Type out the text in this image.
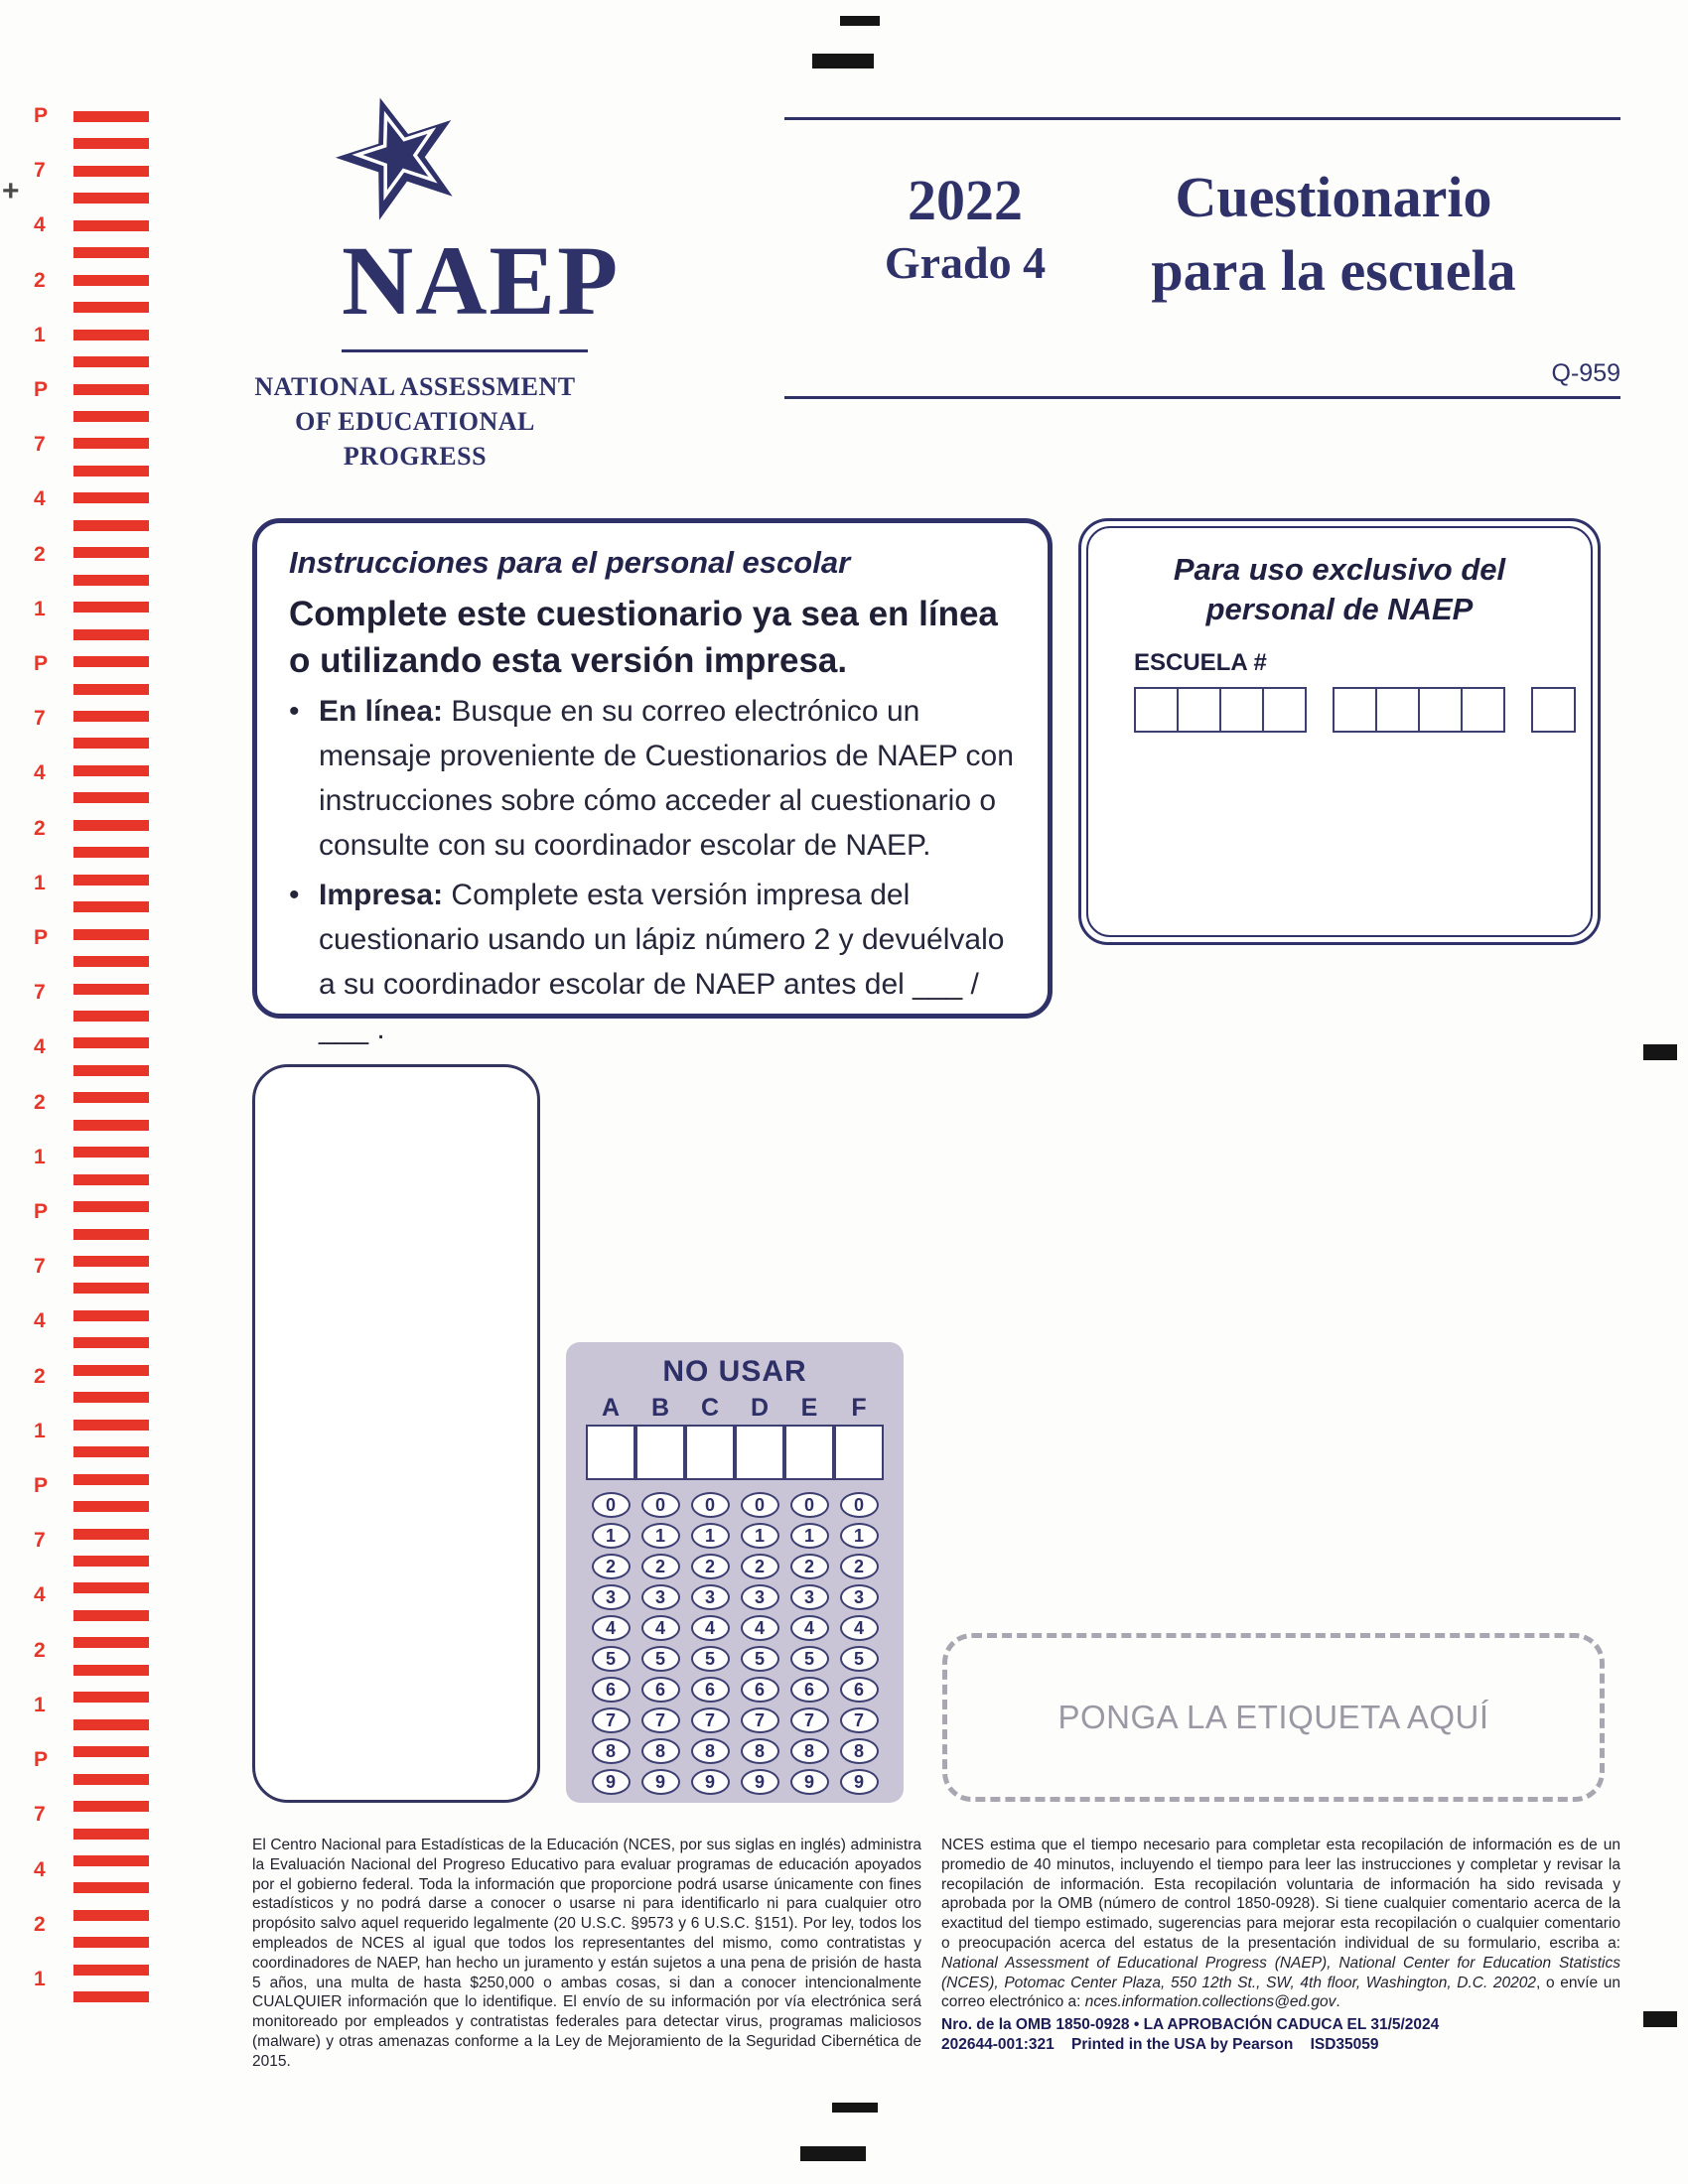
+
P
7
4
2
1
P
7
4
2
1
P
7
4
2
1
P
7
4
2
1
P
7
4
2
1
P
7
4
2
1
P
7
4
2
1
NAEP
NATIONAL ASSESSMENT
OF EDUCATIONAL
PROGRESS
2022
Grado 4
Cuestionario
para la escuela
Q-959
Instrucciones para el personal escolar
Complete este cuestionario ya sea en línea o utilizando esta versión impresa.
• En línea: Busque en su correo electrónico un mensaje proveniente de Cuestionarios de NAEP con instrucciones sobre cómo acceder al cuestionario o consulte con su coordinador escolar de NAEP.
• Impresa: Complete esta versión impresa del cuestionario usando un lápiz número 2 y devuélvalo a su coordinador escolar de NAEP antes del ___ / ___ .
Para uso exclusivo del
personal de NAEP
ESCUELA #
NO USAR
A B C D E F
0	0	0	0	0	0
1	1	1	1	1	1
2	2	2	2	2	2
3	3	3	3	3	3
4	4	4	4	4	4
5	5	5	5	5	5
6	6	6	6	6	6
7	7	7	7	7	7
8	8	8	8	8	8
9	9	9	9	9	9
PONGA LA ETIQUETA AQUÍ
El Centro Nacional para Estadísticas de la Educación (NCES, por sus siglas en inglés) administra la Evaluación Nacional del Progreso Educativo para evaluar programas de educación apoyados por el gobierno federal. Toda la información que proporcione podrá usarse únicamente con fines estadísticos y no podrá darse a conocer o usarse ni para identificarlo ni para cualquier otro propósito salvo aquel requerido legalmente (20 U.S.C. §9573 y 6 U.S.C. §151). Por ley, todos los empleados de NCES al igual que todos los representantes del mismo, como contratistas y coordinadores de NAEP, han hecho un juramento y están sujetos a una pena de prisión de hasta 5 años, una multa de hasta $250,000 o ambas cosas, si dan a conocer intencionalmente CUALQUIER información que lo identifique. El envío de su información por vía electrónica será monitoreado por empleados y contratistas federales para detectar virus, programas maliciosos (malware) y otras amenazas conforme a la Ley de Mejoramiento de la Seguridad Cibernética de 2015.
NCES estima que el tiempo necesario para completar esta recopilación de información es de un promedio de 40 minutos, incluyendo el tiempo para leer las instrucciones y completar y revisar la recopilación de información. Esta recopilación voluntaria de información ha sido revisada y aprobada por la OMB (número de control 1850-0928). Si tiene cualquier comentario acerca de la exactitud del tiempo estimado, sugerencias para mejorar esta recopilación o cualquier comentario o preocupación acerca del estatus de la presentación individual de su formulario, escriba a: National Assessment of Educational Progress (NAEP), National Center for Education Statistics (NCES), Potomac Center Plaza, 550 12th St., SW, 4th floor, Washington, D.C. 20202, o envíe un correo electrónico a: nces.information.collections@ed.gov.
Nro. de la OMB 1850-0928 • LA APROBACIÓN CADUCA EL 31/5/2024
202644-001:321    Printed in the USA by Pearson    ISD35059
